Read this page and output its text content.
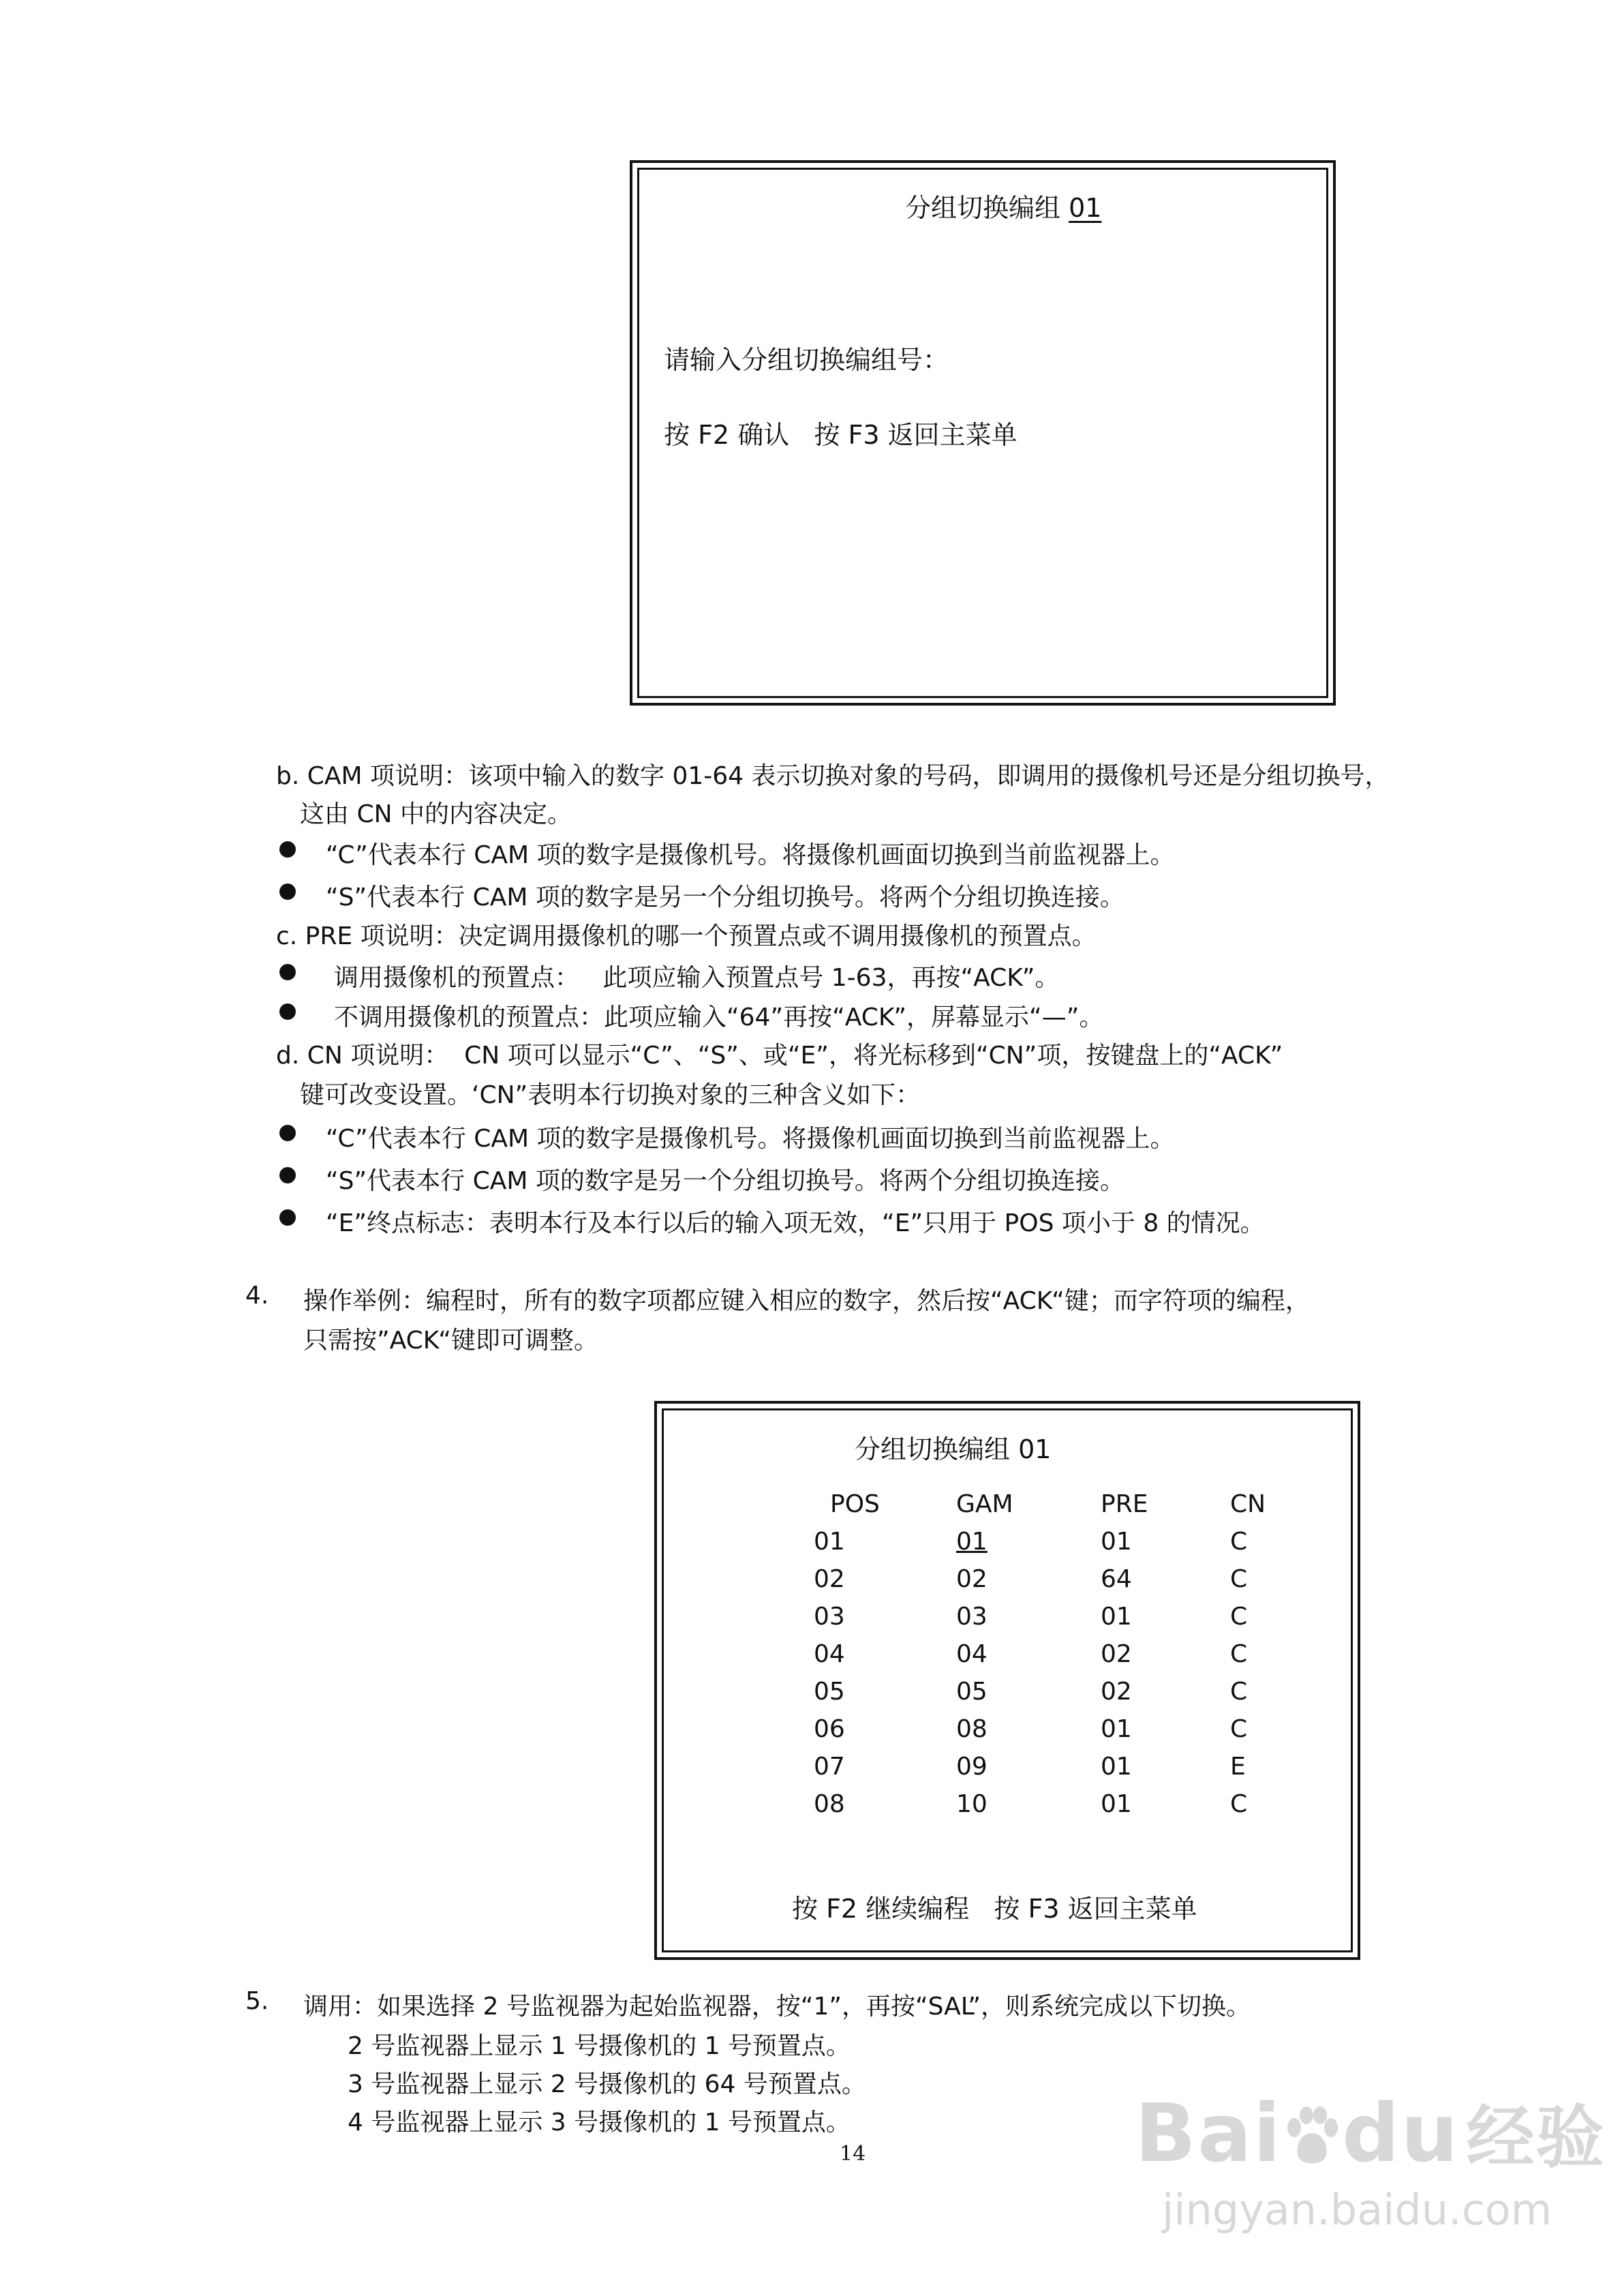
分组切换编组 01
请输入分组切换编组号：
按 F2 确认   按 F3 返回主菜单
b. CAM 项说明：该项中输入的数字 01-64 表示切换对象的号码，即调用的摄像机号还是分组切换号，
这由 CN 中的内容决定。
“C”代表本行 CAM 项的数字是摄像机号。将摄像机画面切换到当前监视器上。
“S”代表本行 CAM 项的数字是另一个分组切换号。将两个分组切换连接。
c. PRE 项说明：决定调用摄像机的哪一个预置点或不调用摄像机的预置点。
调用摄像机的预置点：   此项应输入预置点号 1-63，再按“ACK”。
不调用摄像机的预置点：此项应输入“64”再按“ACK”，屏幕显示“—”。
d. CN 项说明：  CN 项可以显示“C”、“S”、或“E”，将光标移到“CN”项，按键盘上的“ACK”
键可改变设置。‘CN”表明本行切换对象的三种含义如下：
“C”代表本行 CAM 项的数字是摄像机号。将摄像机画面切换到当前监视器上。
“S”代表本行 CAM 项的数字是另一个分组切换号。将两个分组切换连接。
“E”终点标志：表明本行及本行以后的输入项无效，“E”只用于 POS 项小于 8 的情况。
4. 操作举例：编程时，所有的数字项都应键入相应的数字，然后按“ACK“键；而字符项的编程，
只需按”ACK“键即可调整。
分组切换编组 01
POS	GAM	PRE	CN
01	01	01	C
02	02	64	C
03	03	01	C
04	04	02	C
05	05	02	C
06	08	01	C
07	09	01	E
08	10	01	C
按 F2 继续编程   按 F3 返回主菜单
5. 调用：如果选择 2 号监视器为起始监视器，按“1”，再按“SAL”，则系统完成以下切换。
2 号监视器上显示 1 号摄像机的 1 号预置点。
3 号监视器上显示 2 号摄像机的 64 号预置点。
4 号监视器上显示 3 号摄像机的 1 号预置点。
14	Bai du 经验
jingyan.baidu.com
